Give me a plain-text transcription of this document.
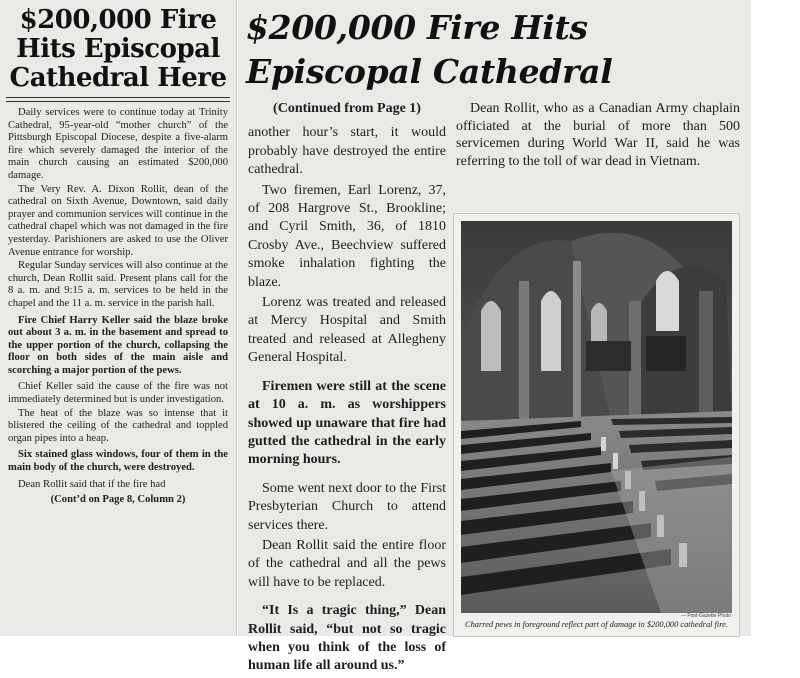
$200,000 Fire
Hits Episcopal
Cathedral Here

Daily services were to continue today at Trinity Cathedral, 95-year-old “mother church” of the Pittsburgh Episcopal Diocese, despite a five-alarm fire which severely damaged the interior of the main church causing an estimated $200,000 damage.

The Very Rev. A. Dixon Rollit, dean of the cathedral on Sixth Avenue, Downtown, said daily prayer and communion services will continue in the cathedral chapel which was not damaged in the fire yesterday. Parishioners are asked to use the Oliver Avenue entrance for worship.

Regular Sunday services will also continue at the church, Dean Rollit said. Present plans call for the 8 a. m. and 9:15 a. m. services to be held in the chapel and the 11 a. m. service in the parish hall.

Fire Chief Harry Keller said the blaze broke out about 3 a. m. in the basement and spread to the upper portion of the church, collapsing the floor on both sides of the main aisle and scorching a major portion of the pews.

Chief Keller said the cause of the fire was not immediately determined but is under investigation.

The heat of the blaze was so intense that it blistered the ceiling of the cathedral and toppled organ pipes into a heap.

Six stained glass windows, four of them in the main body of the church, were destroyed.

Dean Rollit said that if the fire had

(Cont’d on Page 8, Column 2)

$200,000 Fire Hits
Episcopal Cathedral

(Continued from Page 1)

another hour’s start, it would probably have destroyed the entire cathedral.

Two firemen, Earl Lorenz, 37, of 208 Hargrove St., Brookline; and Cyril Smith, 36, of 1810 Crosby Ave., Beechview suffered smoke inhalation fighting the blaze.

Lorenz was treated and released at Mercy Hospital and Smith treated and released at Allegheny General Hospital.

Firemen were still at the scene at 10 a. m. as worshippers showed up unaware that fire had gutted the cathedral in the early morning hours.

Some went next door to the First Presbyterian Church to attend services there.

Dean Rollit said the entire floor of the cathedral and all the pews will have to be replaced.

“It Is a tragic thing,” Dean Rollit said, “but not so tragic when you think of the loss of human life all around us.”

Dean Rollit, who as a Canadian Army chaplain officiated at the burial of more than 500 servicemen during World War II, said he was referring to the toll of war dead in Vietnam.

— Post-Gazette Photo
Charred pews in foreground reflect part of damage in $200,000 cathedral fire.
